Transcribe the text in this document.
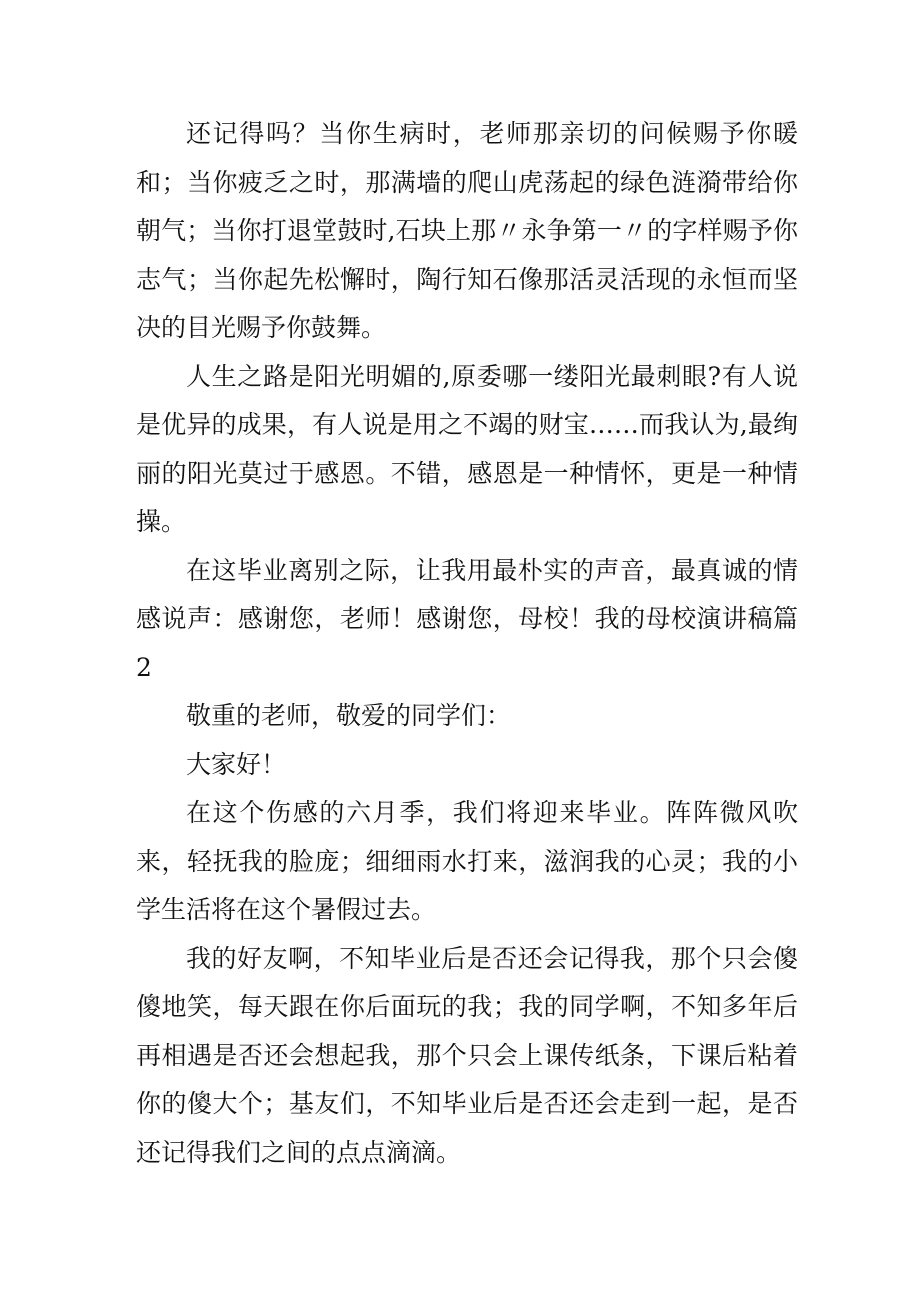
还记得吗？当你生病时，老师那亲切的问候赐予你暖和；当你疲乏之时，那满墙的爬山虎荡起的绿色涟漪带给你朝气；当你打退堂鼓时,石块上那〃永争第一〃的字样赐予你志气；当你起先松懈时，陶行知石像那活灵活现的永恒而坚决的目光赐予你鼓舞。

人生之路是阳光明媚的,原委哪一缕阳光最刺眼?有人说是优异的成果，有人说是用之不竭的财宝……而我认为,最绚丽的阳光莫过于感恩。不错，感恩是一种情怀，更是一种情操。

在这毕业离别之际，让我用最朴实的声音，最真诚的情感说声：感谢您，老师！感谢您，母校！我的母校演讲稿篇2

敬重的老师，敬爱的同学们：

大家好！

在这个伤感的六月季，我们将迎来毕业。阵阵微风吹来，轻抚我的脸庞；细细雨水打来，滋润我的心灵；我的小学生活将在这个暑假过去。

我的好友啊，不知毕业后是否还会记得我，那个只会傻傻地笑，每天跟在你后面玩的我；我的同学啊，不知多年后再相遇是否还会想起我，那个只会上课传纸条，下课后粘着你的傻大个；基友们，不知毕业后是否还会走到一起，是否还记得我们之间的点点滴滴。
